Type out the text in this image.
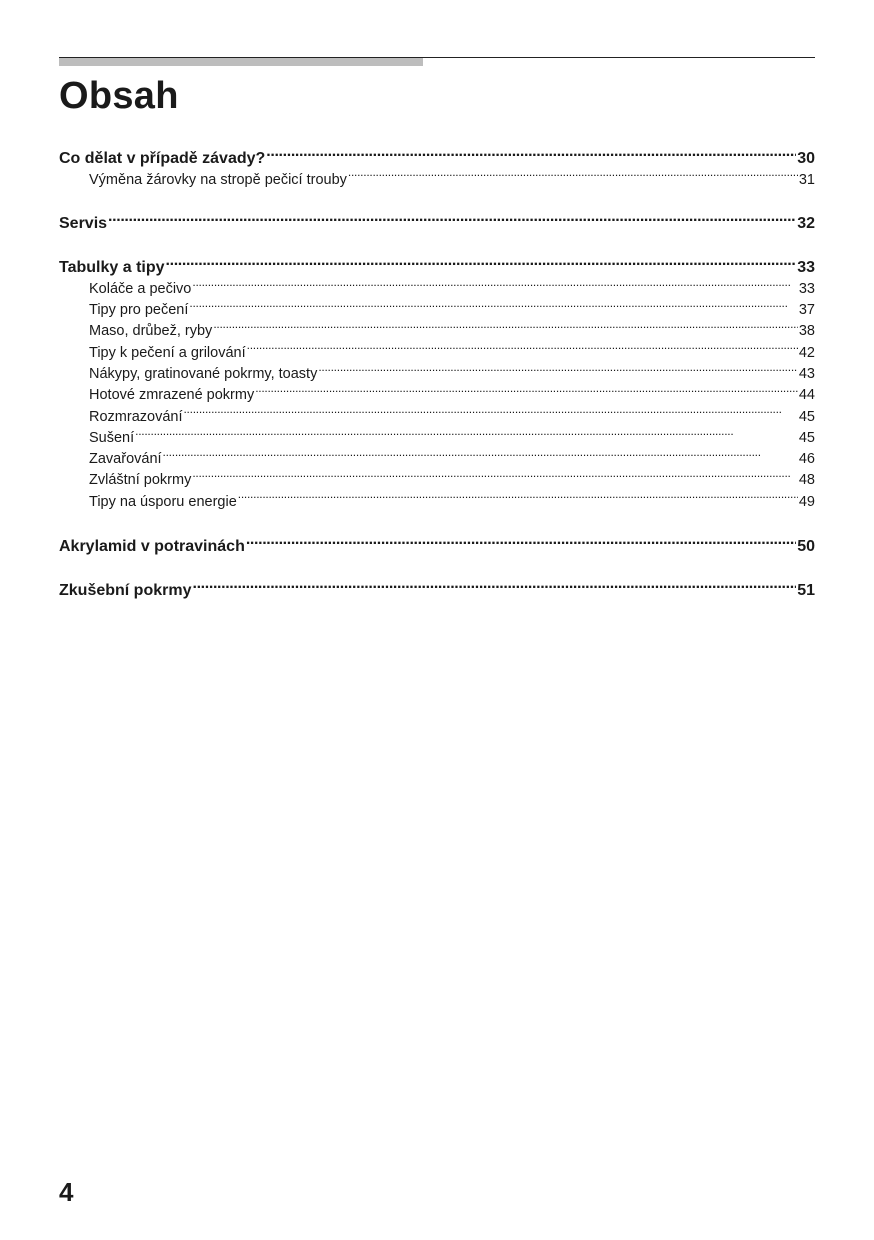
Obsah
Co dělat v případě závady? . . .	30
Výměna žárovky na stropě pečicí trouby . . .	31
Servis . . .	32
Tabulky a tipy . . .	33
Koláče a pečivo . . .	33
Tipy pro pečení . . .	37
Maso, drůbež, ryby . . .	38
Tipy k pečení a grilování . . .	42
Nákypy, gratinované pokrmy, toasty . . .	43
Hotové zmrazené pokrmy . . .	44
Rozmrazování . . .	45
Sušení . . .	45
Zavařování . . .	46
Zvláštní pokrmy . . .	48
Tipy na úsporu energie . . .	49
Akrylamid v potravinách . . .	50
Zkušební pokrmy . . .	51
4
